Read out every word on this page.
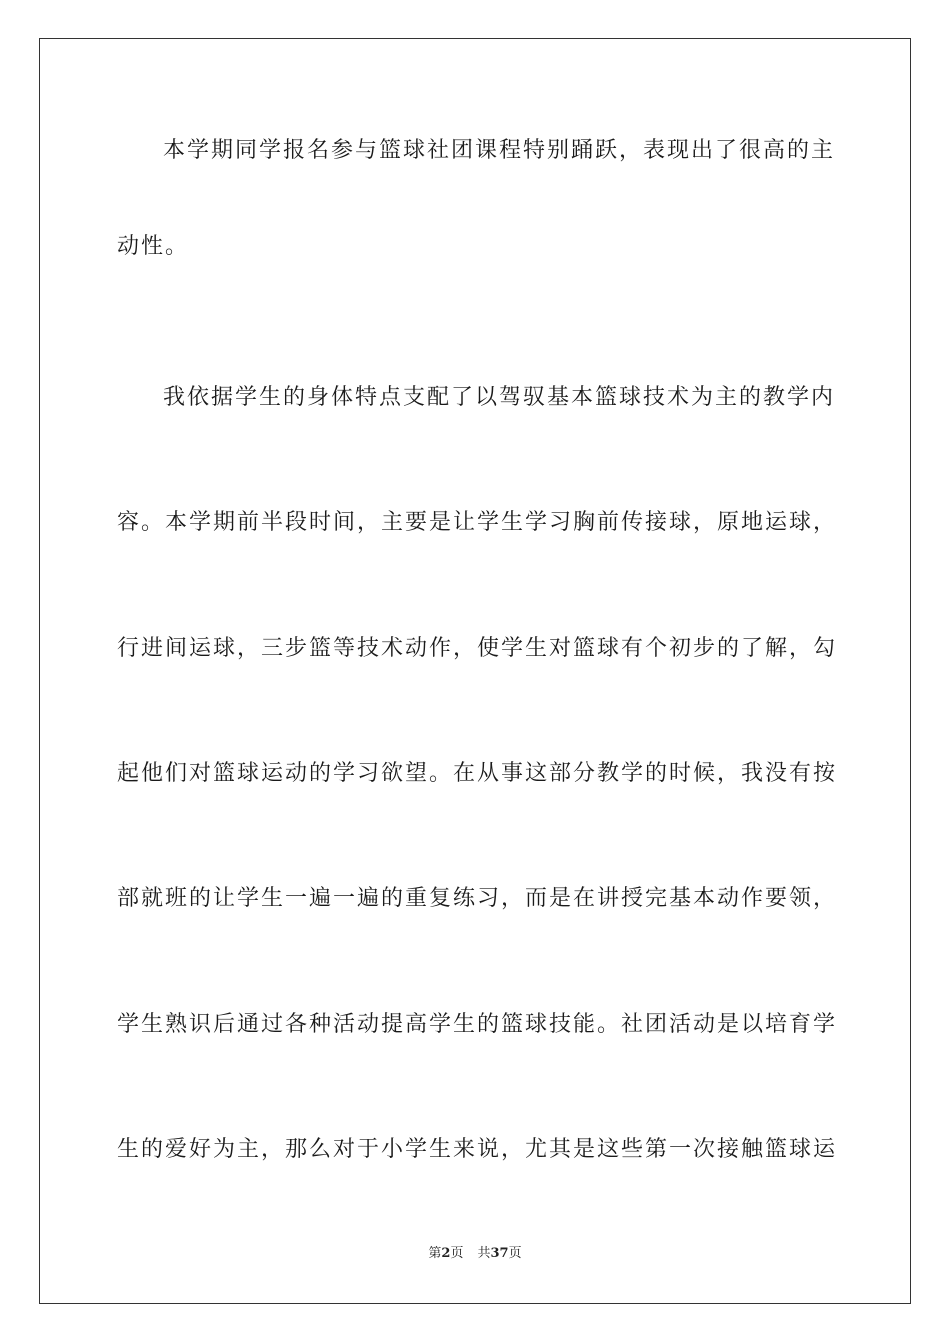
本学期同学报名参与篮球社团课程特别踊跃，表现出了很高的主
动性。
我依据学生的身体特点支配了以驾驭基本篮球技术为主的教学内
容。本学期前半段时间，主要是让学生学习胸前传接球，原地运球，
行进间运球，三步篮等技术动作，使学生对篮球有个初步的了解，勾
起他们对篮球运动的学习欲望。在从事这部分教学的时候，我没有按
部就班的让学生一遍一遍的重复练习，而是在讲授完基本动作要领，
学生熟识后通过各种活动提高学生的篮球技能。社团活动是以培育学
生的爱好为主，那么对于小学生来说，尤其是这些第一次接触篮球运
第2页 共37页
